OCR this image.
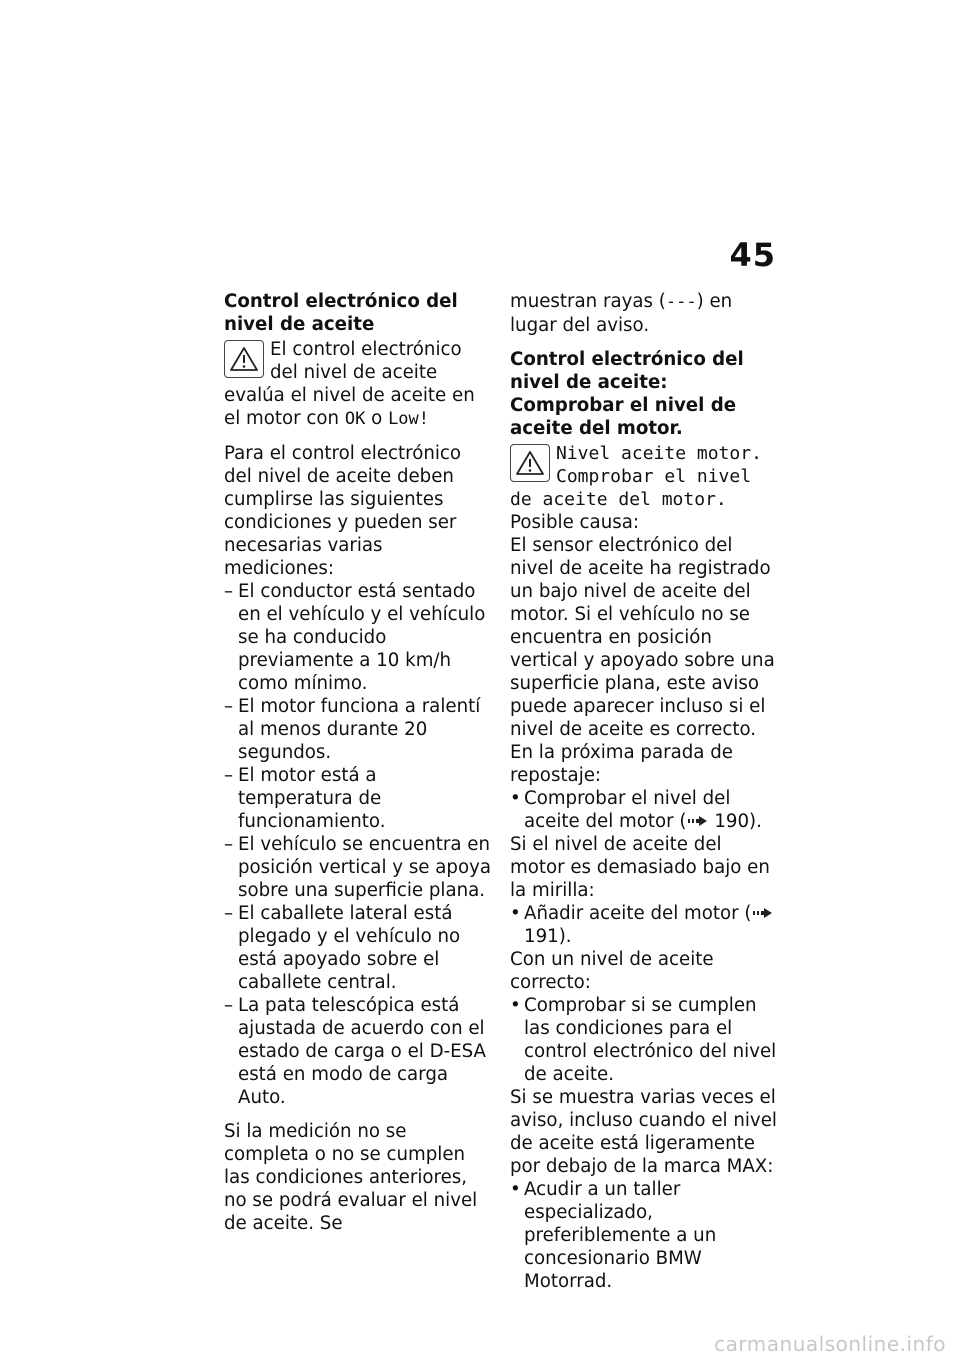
45

Control electrónico del nivel de aceite

El control electrónico del nivel de aceite evalúa el nivel de aceite en el motor con OK o Low!

Para el control electrónico del nivel de aceite deben cumplirse las siguientes condiciones y pueden ser necesarias varias mediciones:

– El conductor está sentado en el vehículo y el vehículo se ha conducido previamente a 10 km/h como mínimo.
– El motor funciona a ralentí al menos durante 20 segundos.
– El motor está a temperatura de funcionamiento.
– El vehículo se encuentra en posición vertical y se apoya sobre una superficie plana.
– El caballete lateral está plegado y el vehículo no está apoyado sobre el caballete central.
– La pata telescópica está ajustada de acuerdo con el estado de carga o el D-ESA está en modo de carga Auto.

Si la medición no se completa o no se cumplen las condiciones anteriores, no se podrá evaluar el nivel de aceite. Se

muestran rayas (---) en lugar del aviso.

Control electrónico del nivel de aceite: Comprobar el nivel de aceite del motor.

Nivel aceite motor. Comprobar el nivel de aceite del motor.

Posible causa:

El sensor electrónico del nivel de aceite ha registrado un bajo nivel de aceite del motor. Si el vehículo no se encuentra en posición vertical y apoyado sobre una superficie plana, este aviso puede aparecer incluso si el nivel de aceite es correcto.

En la próxima parada de repostaje:

• Comprobar el nivel del aceite del motor ( 190).

Si el nivel de aceite del motor es demasiado bajo en la mirilla:

• Añadir aceite del motor ( 191).

Con un nivel de aceite correcto:

• Comprobar si se cumplen las condiciones para el control electrónico del nivel de aceite.

Si se muestra varias veces el aviso, incluso cuando el nivel de aceite está ligeramente por debajo de la marca MAX:

• Acudir a un taller especializado, preferiblemente a un concesionario BMW Motorrad.
carmanualsonline.info
